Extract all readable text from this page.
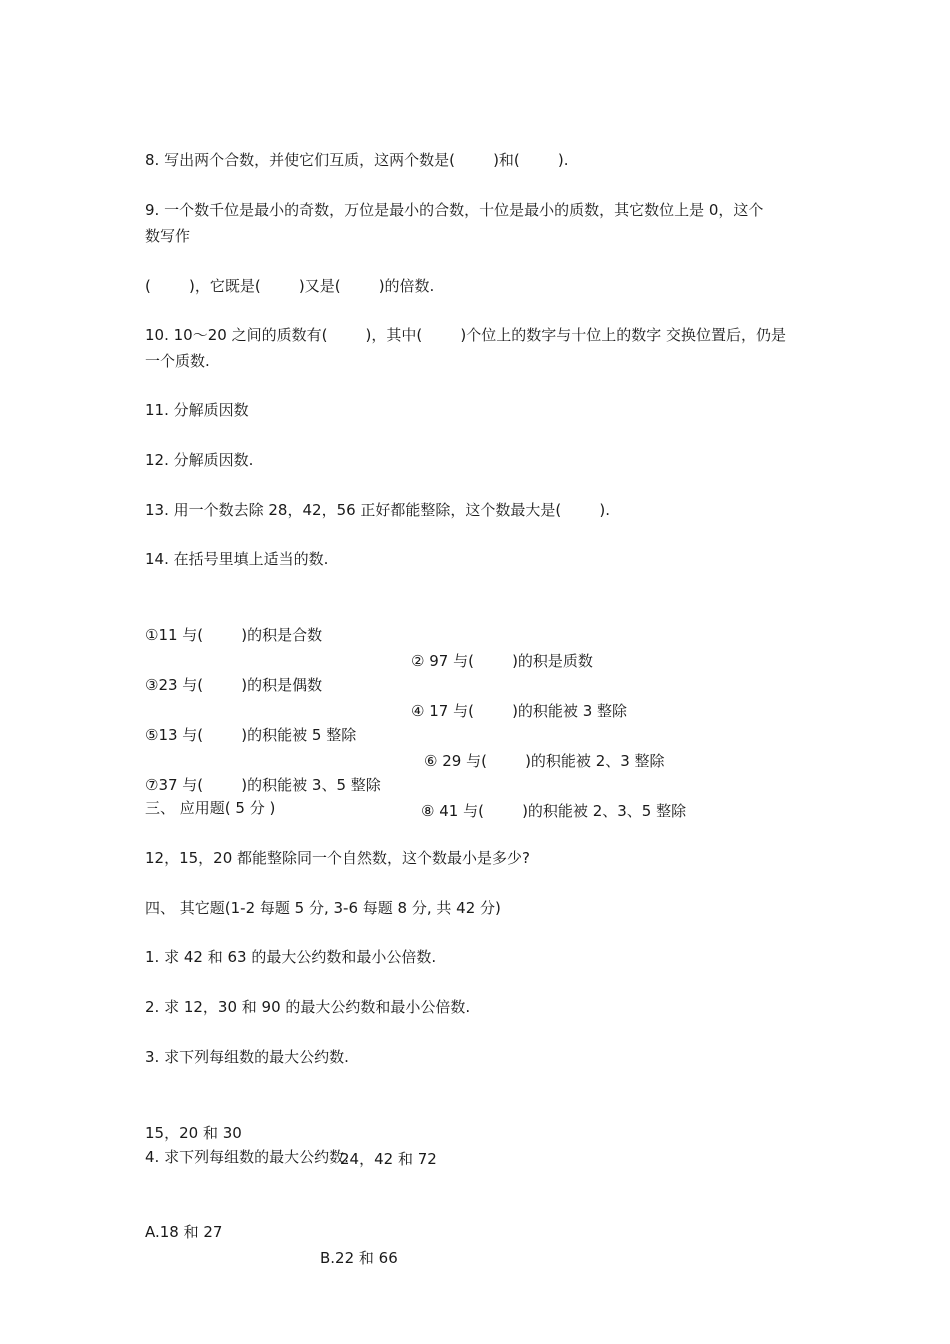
8. 写出两个合数，并使它们互质，这两个数是(        )和(        ).
9. 一个数千位是最小的奇数，万位是最小的合数，十位是最小的质数，其它数位上是 0，这个
数写作
(        )，它既是(        )又是(        )的倍数.
10. 10～20 之间的质数有(        )，其中(        )个位上的数字与十位上的数字 交换位置后，仍是
一个质数.
11. 分解质因数
12. 分解质因数.
13. 用一个数去除 28，42，56 正好都能整除，这个数最大是(        ).
14. 在括号里填上适当的数.

①11 与(        )的积是合数

② 97 与(        )的积是质数

③23 与(        )的积是偶数

④ 17 与(        )的积能被 3 整除

⑤13 与(        )的积能被 5 整除

⑥ 29 与(        )的积能被 2、3 整除

⑦37 与(        )的积能被 3、5 整除

⑧ 41 与(        )的积能被 2、3、5 整除

三、 应用题( 5 分 )
12，15，20 都能整除同一个自然数，这个数最小是多少?
四、 其它题(1-2 每题 5 分, 3-6 每题 8 分, 共 42 分)
1. 求 42 和 63 的最大公约数和最小公倍数.
2. 求 12，30 和 90 的最大公约数和最小公倍数.
3. 求下列每组数的最大公约数.

15，20 和 30

24，42 和 72

4. 求下列每组数的最大公约数.

A.18 和 27

B.22 和 66
